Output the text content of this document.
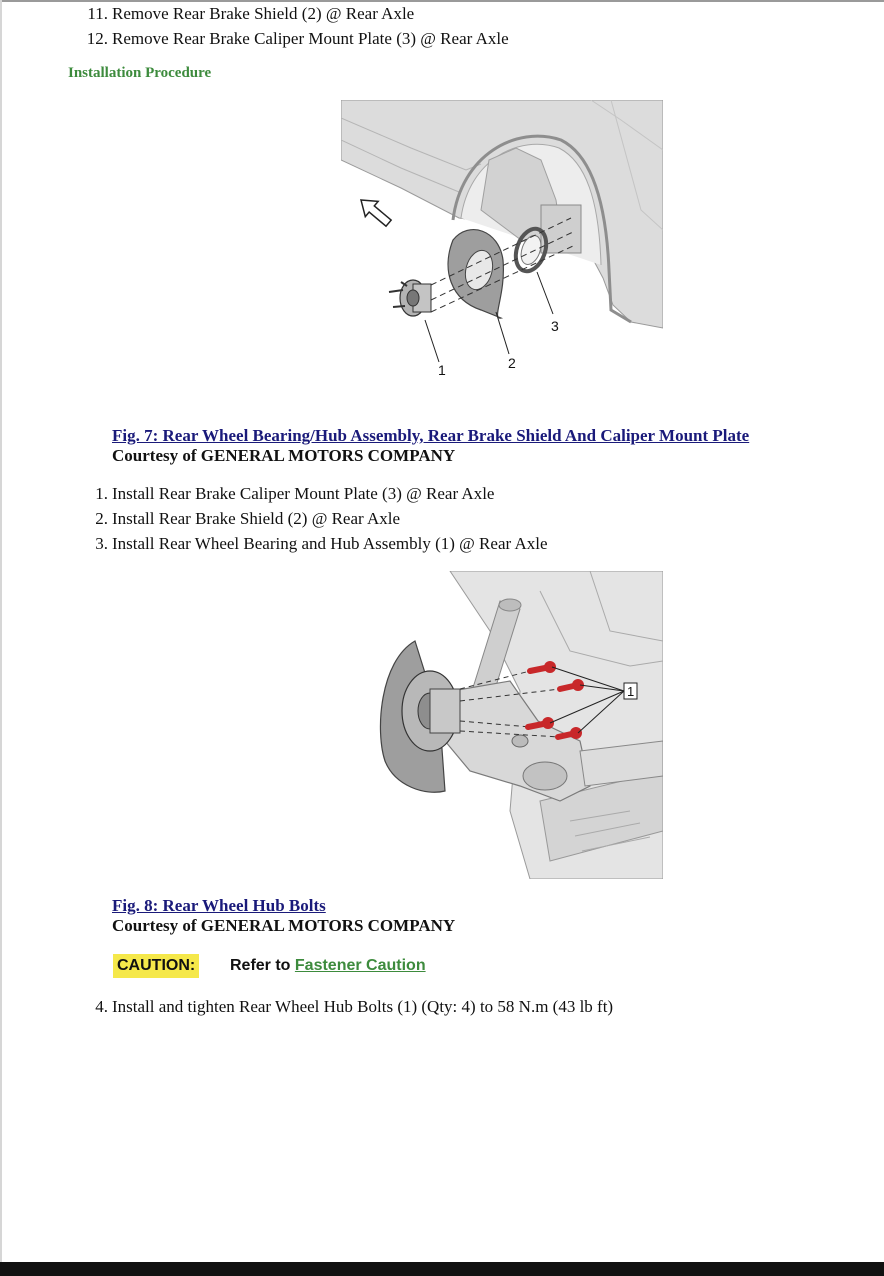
11. Remove Rear Brake Shield (2) @ Rear Axle
12. Remove Rear Brake Caliper Mount Plate (3) @ Rear Axle
Installation Procedure
1	2
3
Fig. 7: Rear Wheel Bearing/Hub Assembly, Rear Brake Shield And Caliper Mount Plate
Courtesy of GENERAL MOTORS COMPANY
1. Install Rear Brake Caliper Mount Plate (3) @ Rear Axle
2. Install Rear Brake Shield (2) @ Rear Axle
3. Install Rear Wheel Bearing and Hub Assembly (1) @ Rear Axle
1
Fig. 8: Rear Wheel Hub Bolts
Courtesy of GENERAL MOTORS COMPANY
CAUTION: Refer to Fastener Caution
4. Install and tighten Rear Wheel Hub Bolts (1) (Qty: 4) to 58 N.m (43 lb ft)
